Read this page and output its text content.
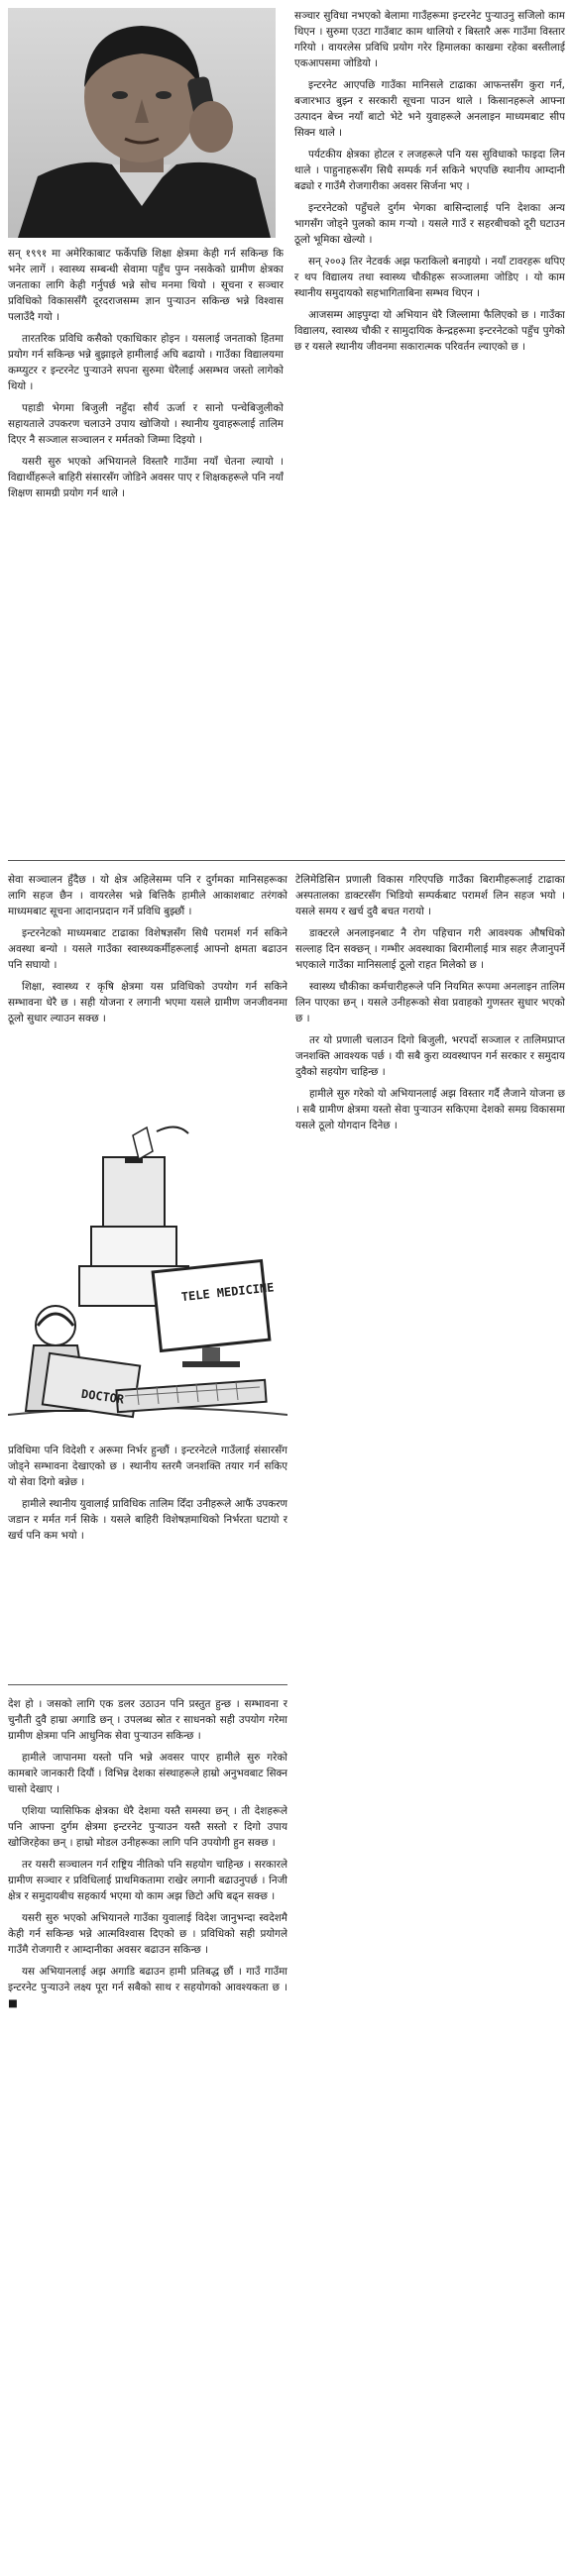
सन् १९९१ मा अमेरिकाबाट फर्केपछि शिक्षा क्षेत्रमा केही गर्न सकिन्छ कि भनेर लागें । स्वास्थ्य सम्बन्धी सेवामा पहुँच पुग्न नसकेको ग्रामीण क्षेत्रका जनताका लागि केही गर्नुपर्छ भन्ने सोच मनमा थियो । सूचना र सञ्चार प्रविधिको विकाससँगै दूरदराजसम्म ज्ञान पुर्‍याउन सकिन्छ भन्ने विश्वास पलाउँदै गयो ।

तारतरिक प्रविधि कसैको एकाधिकार होइन । यसलाई जनताको हितमा प्रयोग गर्न सकिन्छ भन्ने बुझाइले हामीलाई अघि बढायो । गाउँका विद्यालयमा कम्प्युटर र इन्टरनेट पुर्‍याउने सपना सुरुमा धेरैलाई असम्भव जस्तो लागेको थियो ।

पहाडी भेगमा बिजुली नहुँदा सौर्य ऊर्जा र सानो पन्चेबिजुलीको सहायताले उपकरण चलाउने उपाय खोजियो । स्थानीय युवाहरूलाई तालिम दिएर नै सञ्जाल सञ्चालन र मर्मतको जिम्मा दिइयो ।

यसरी सुरु भएको अभियानले विस्तारै गाउँमा नयाँ चेतना ल्यायो । विद्यार्थीहरूले बाहिरी संसारसँग जोडिने अवसर पाए र शिक्षकहरूले पनि नयाँ शिक्षण सामग्री प्रयोग गर्न थाले ।

सञ्चार सुविधा नभएको बेलामा गाउँहरूमा इन्टरनेट पुर्‍याउनु सजिलो काम थिएन । सुरुमा एउटा गाउँबाट काम थालियो र बिस्तारै अरू गाउँमा विस्तार गरियो । वायरलेस प्रविधि प्रयोग गरेर हिमालका काखमा रहेका बस्तीलाई एकआपसमा जोडियो ।

इन्टरनेट आएपछि गाउँका मानिसले टाढाका आफन्तसँग कुरा गर्न, बजारभाउ बुझ्न र सरकारी सूचना पाउन थाले । किसानहरूले आफ्ना उत्पादन बेच्न नयाँ बाटो भेटे भने युवाहरूले अनलाइन माध्यमबाट सीप सिक्न थाले ।

पर्यटकीय क्षेत्रका होटल र लजहरूले पनि यस सुविधाको फाइदा लिन थाले । पाहुनाहरूसँग सिधै सम्पर्क गर्न सकिने भएपछि स्थानीय आम्दानी बढ्यो र गाउँमै रोजगारीका अवसर सिर्जना भए ।

इन्टरनेटको पहुँचले दुर्गम भेगका बासिन्दालाई पनि देशका अन्य भागसँग जोड्ने पुलको काम गर्‍यो । यसले गाउँ र सहरबीचको दूरी घटाउन ठूलो भूमिका खेल्यो ।

सन् २००३ तिर नेटवर्क अझ फराकिलो बनाइयो । नयाँ टावरहरू थपिए र थप विद्यालय तथा स्वास्थ्य चौकीहरू सञ्जालमा जोडिए । यो काम स्थानीय समुदायको सहभागिताबिना सम्भव थिएन ।

आजसम्म आइपुग्दा यो अभियान धेरै जिल्लामा फैलिएको छ । गाउँका विद्यालय, स्वास्थ्य चौकी र सामुदायिक केन्द्रहरूमा इन्टरनेटको पहुँच पुगेको छ र यसले स्थानीय जीवनमा सकारात्मक परिवर्तन ल्याएको छ ।

सेवा सञ्चालन हुँदैछ । यो क्षेत्र अहिलेसम्म पनि र दुर्गमका मानिसहरूका लागि सहज छैन । वायरलेस भन्ने बित्तिकै हामीले आकाशबाट तरंगको माध्यमबाट सूचना आदानप्रदान गर्ने प्रविधि बुझ्छौं ।

इन्टरनेटको माध्यमबाट टाढाका विशेषज्ञसँग सिधै परामर्श गर्न सकिने अवस्था बन्यो । यसले गाउँका स्वास्थ्यकर्मीहरूलाई आफ्नो क्षमता बढाउन पनि सघायो ।

शिक्षा, स्वास्थ्य र कृषि क्षेत्रमा यस प्रविधिको उपयोग गर्न सकिने सम्भावना धेरै छ । सही योजना र लगानी भएमा यसले ग्रामीण जनजीवनमा ठूलो सुधार ल्याउन सक्छ ।

DOCTOR
TELE MEDICINE

प्रविधिमा पनि विदेशी र अरूमा निर्भर हुन्छौं । इन्टरनेटले गाउँलाई संसारसँग जोड्ने सम्भावना देखाएको छ । स्थानीय स्तरमै जनशक्ति तयार गर्न सकिए यो सेवा दिगो बन्नेछ ।

हामीले स्थानीय युवालाई प्राविधिक तालिम दिँदा उनीहरूले आफैं उपकरण जडान र मर्मत गर्न सिके । यसले बाहिरी विशेषज्ञमाथिको निर्भरता घटायो र खर्च पनि कम भयो ।

टेलिमेडिसिन प्रणाली विकास गरिएपछि गाउँका बिरामीहरूलाई टाढाका अस्पतालका डाक्टरसँग भिडियो सम्पर्कबाट परामर्श लिन सहज भयो । यसले समय र खर्च दुवै बचत गरायो ।

डाक्टरले अनलाइनबाट नै रोग पहिचान गरी आवश्यक औषधिको सल्लाह दिन सक्छन् । गम्भीर अवस्थाका बिरामीलाई मात्र सहर लैजानुपर्ने भएकाले गाउँका मानिसलाई ठूलो राहत मिलेको छ ।

स्वास्थ्य चौकीका कर्मचारीहरूले पनि नियमित रूपमा अनलाइन तालिम लिन पाएका छन् । यसले उनीहरूको सेवा प्रवाहको गुणस्तर सुधार भएको छ ।

तर यो प्रणाली चलाउन दिगो बिजुली, भरपर्दो सञ्जाल र तालिमप्राप्त जनशक्ति आवश्यक पर्छ । यी सबै कुरा व्यवस्थापन गर्न सरकार र समुदाय दुवैको सहयोग चाहिन्छ ।

हामीले सुरु गरेको यो अभियानलाई अझ विस्तार गर्दै लैजाने योजना छ । सबै ग्रामीण क्षेत्रमा यस्तो सेवा पुर्‍याउन सकिएमा देशको समग्र विकासमा यसले ठूलो योगदान दिनेछ ।

देश हो । जसको लागि एक डलर उठाउन पनि प्रस्तुत हुन्छ । सम्भावना र चुनौती दुवै हाम्रा अगाडि छन् । उपलब्ध स्रोत र साधनको सही उपयोग गरेमा ग्रामीण क्षेत्रमा पनि आधुनिक सेवा पुर्‍याउन सकिन्छ ।

हामीले जापानमा यस्तो पनि भन्ने अवसर पाएर हामीले सुरु गरेको कामबारे जानकारी दियौं । विभिन्न देशका संस्थाहरूले हाम्रो अनुभवबाट सिक्न चासो देखाए ।

एशिया प्यासिफिक क्षेत्रका धेरै देशमा यस्तै समस्या छन् । ती देशहरूले पनि आफ्ना दुर्गम क्षेत्रमा इन्टरनेट पुर्‍याउन यस्तै सस्तो र दिगो उपाय खोजिरहेका छन् । हाम्रो मोडल उनीहरूका लागि पनि उपयोगी हुन सक्छ ।

तर यसरी सञ्चालन गर्न राष्ट्रिय नीतिको पनि सहयोग चाहिन्छ । सरकारले ग्रामीण सञ्चार र प्रविधिलाई प्राथमिकतामा राखेर लगानी बढाउनुपर्छ । निजी क्षेत्र र समुदायबीच सहकार्य भएमा यो काम अझ छिटो अघि बढ्न सक्छ ।

यसरी सुरु भएको अभियानले गाउँका युवालाई विदेश जानुभन्दा स्वदेशमै केही गर्न सकिन्छ भन्ने आत्मविश्वास दिएको छ । प्रविधिको सही प्रयोगले गाउँमै रोजगारी र आम्दानीका अवसर बढाउन सकिन्छ ।

यस अभियानलाई अझ अगाडि बढाउन हामी प्रतिबद्ध छौं । गाउँ गाउँमा इन्टरनेट पुर्‍याउने लक्ष्य पूरा गर्न सबैको साथ र सहयोगको आवश्यकता छ । ■
